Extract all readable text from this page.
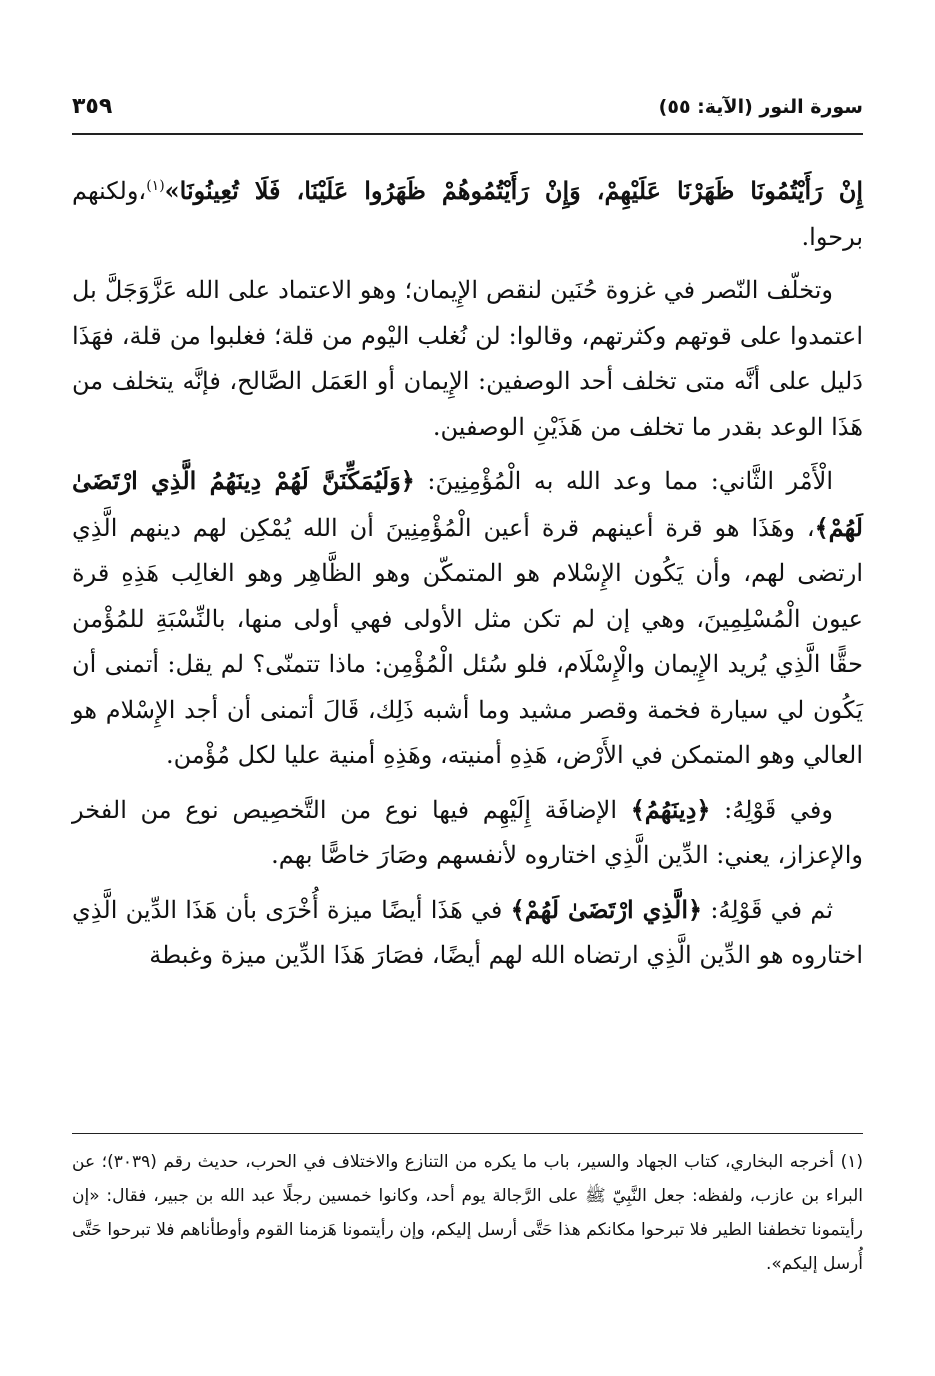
سورة النور (الآية: ٥٥)
٣٥٩

إِنْ رَأَيْتُمُونَا ظَهَرْنَا عَلَيْهِمْ، وَإِنْ رَأَيْتُمُوهُمْ ظَهَرُوا عَلَيْنَا، فَلَا تُعِينُونَا»$^{(١)}$،ولكنهم برحوا.

وتخلّف النّصر في غزوة حُنَين لنقص الإِيمان؛ وهو الاعتماد على الله عَزَّوَجَلَّ بل اعتمدوا على قوتهم وكثرتهم، وقالوا: لن نُغلب اليْوم من قلة؛ فغلبوا من قلة، فهَذَا دَليل على أنَّه متى تخلف أحد الوصفين: الإِيمان أو العَمَل الصَّالح، فإنَّه يتخلف من هَذَا الوعد بقدر ما تخلف من هَذَيْنِ الوصفين.

الْأَمْر الثَّاني: مما وعد الله به الْمُؤْمِنِينَ: ﴿وَلَيُمَكِّنَنَّ لَهُمْ دِينَهُمُ الَّذِي ارْتَضَىٰ لَهُمْ﴾، وهَذَا هو قرة أعينهم قرة أعين الْمُؤْمِنِينَ أن الله يُمْكِن لهم دينهم الَّذِي ارتضى لهم، وأن يَكُون الإِسْلام هو المتمكّن وهو الظَّاهِر وهو الغالِب هَذِهِ قرة عيون الْمُسْلِمِينَ، وهي إن لم تكن مثل الأولى فهي أولى منها، بالنِّسْبَةِ للمُؤْمن حقًّا الَّذِي يُريد الإِيمان والْإِسْلَام، فلو سُئل الْمُؤْمِن: ماذا تتمنّى؟ لم يقل: أتمنى أن يَكُون لي سيارة فخمة وقصر مشيد وما أشبه ذَلِك، قَالَ أتمنى أن أجد الإِسْلام هو العالي وهو المتمكن في الأَرْض، هَذِهِ أمنيته، وهَذِهِ أمنية عليا لكل مُؤْمن.

وفي قَوْلِهُ: ﴿دِينَهُمُ﴾ الإضافَة إِلَيْهِم فيها نوع من التَّخصِيص نوع من الفخر والإعزاز، يعني: الدِّين الَّذِي اختاروه لأنفسهم وصَارَ خاصًّا بهم.

ثم في قَوْلِهُ: ﴿الَّذِي ارْتَضَىٰ لَهُمْ﴾ في هَذَا أيضًا ميزة أُخْرَى بأن هَذَا الدِّين الَّذِي اختاروه هو الدِّين الَّذِي ارتضاه الله لهم أيضًا، فصَارَ هَذَا الدِّين ميزة وغبطة

(١) أخرجه البخاري، كتاب الجهاد والسير، باب ما يكره من التنازع والاختلاف في الحرب، حديث رقم (٣٠٣٩)؛ عن البراء بن عازب، ولفظه: جعل النَّبِيّ ﷺ على الرَّجالة يوم أحد، وكانوا خمسين رجلًا عبد الله بن جبير، فقال: «إن رأيتمونا تخطفنا الطير فلا تبرحوا مكانكم هذا حَتَّى أرسل إليكم، وإن رأيتمونا هَزمنا القوم وأوطأناهم فلا تبرحوا حَتَّى أُرسل إليكم».
